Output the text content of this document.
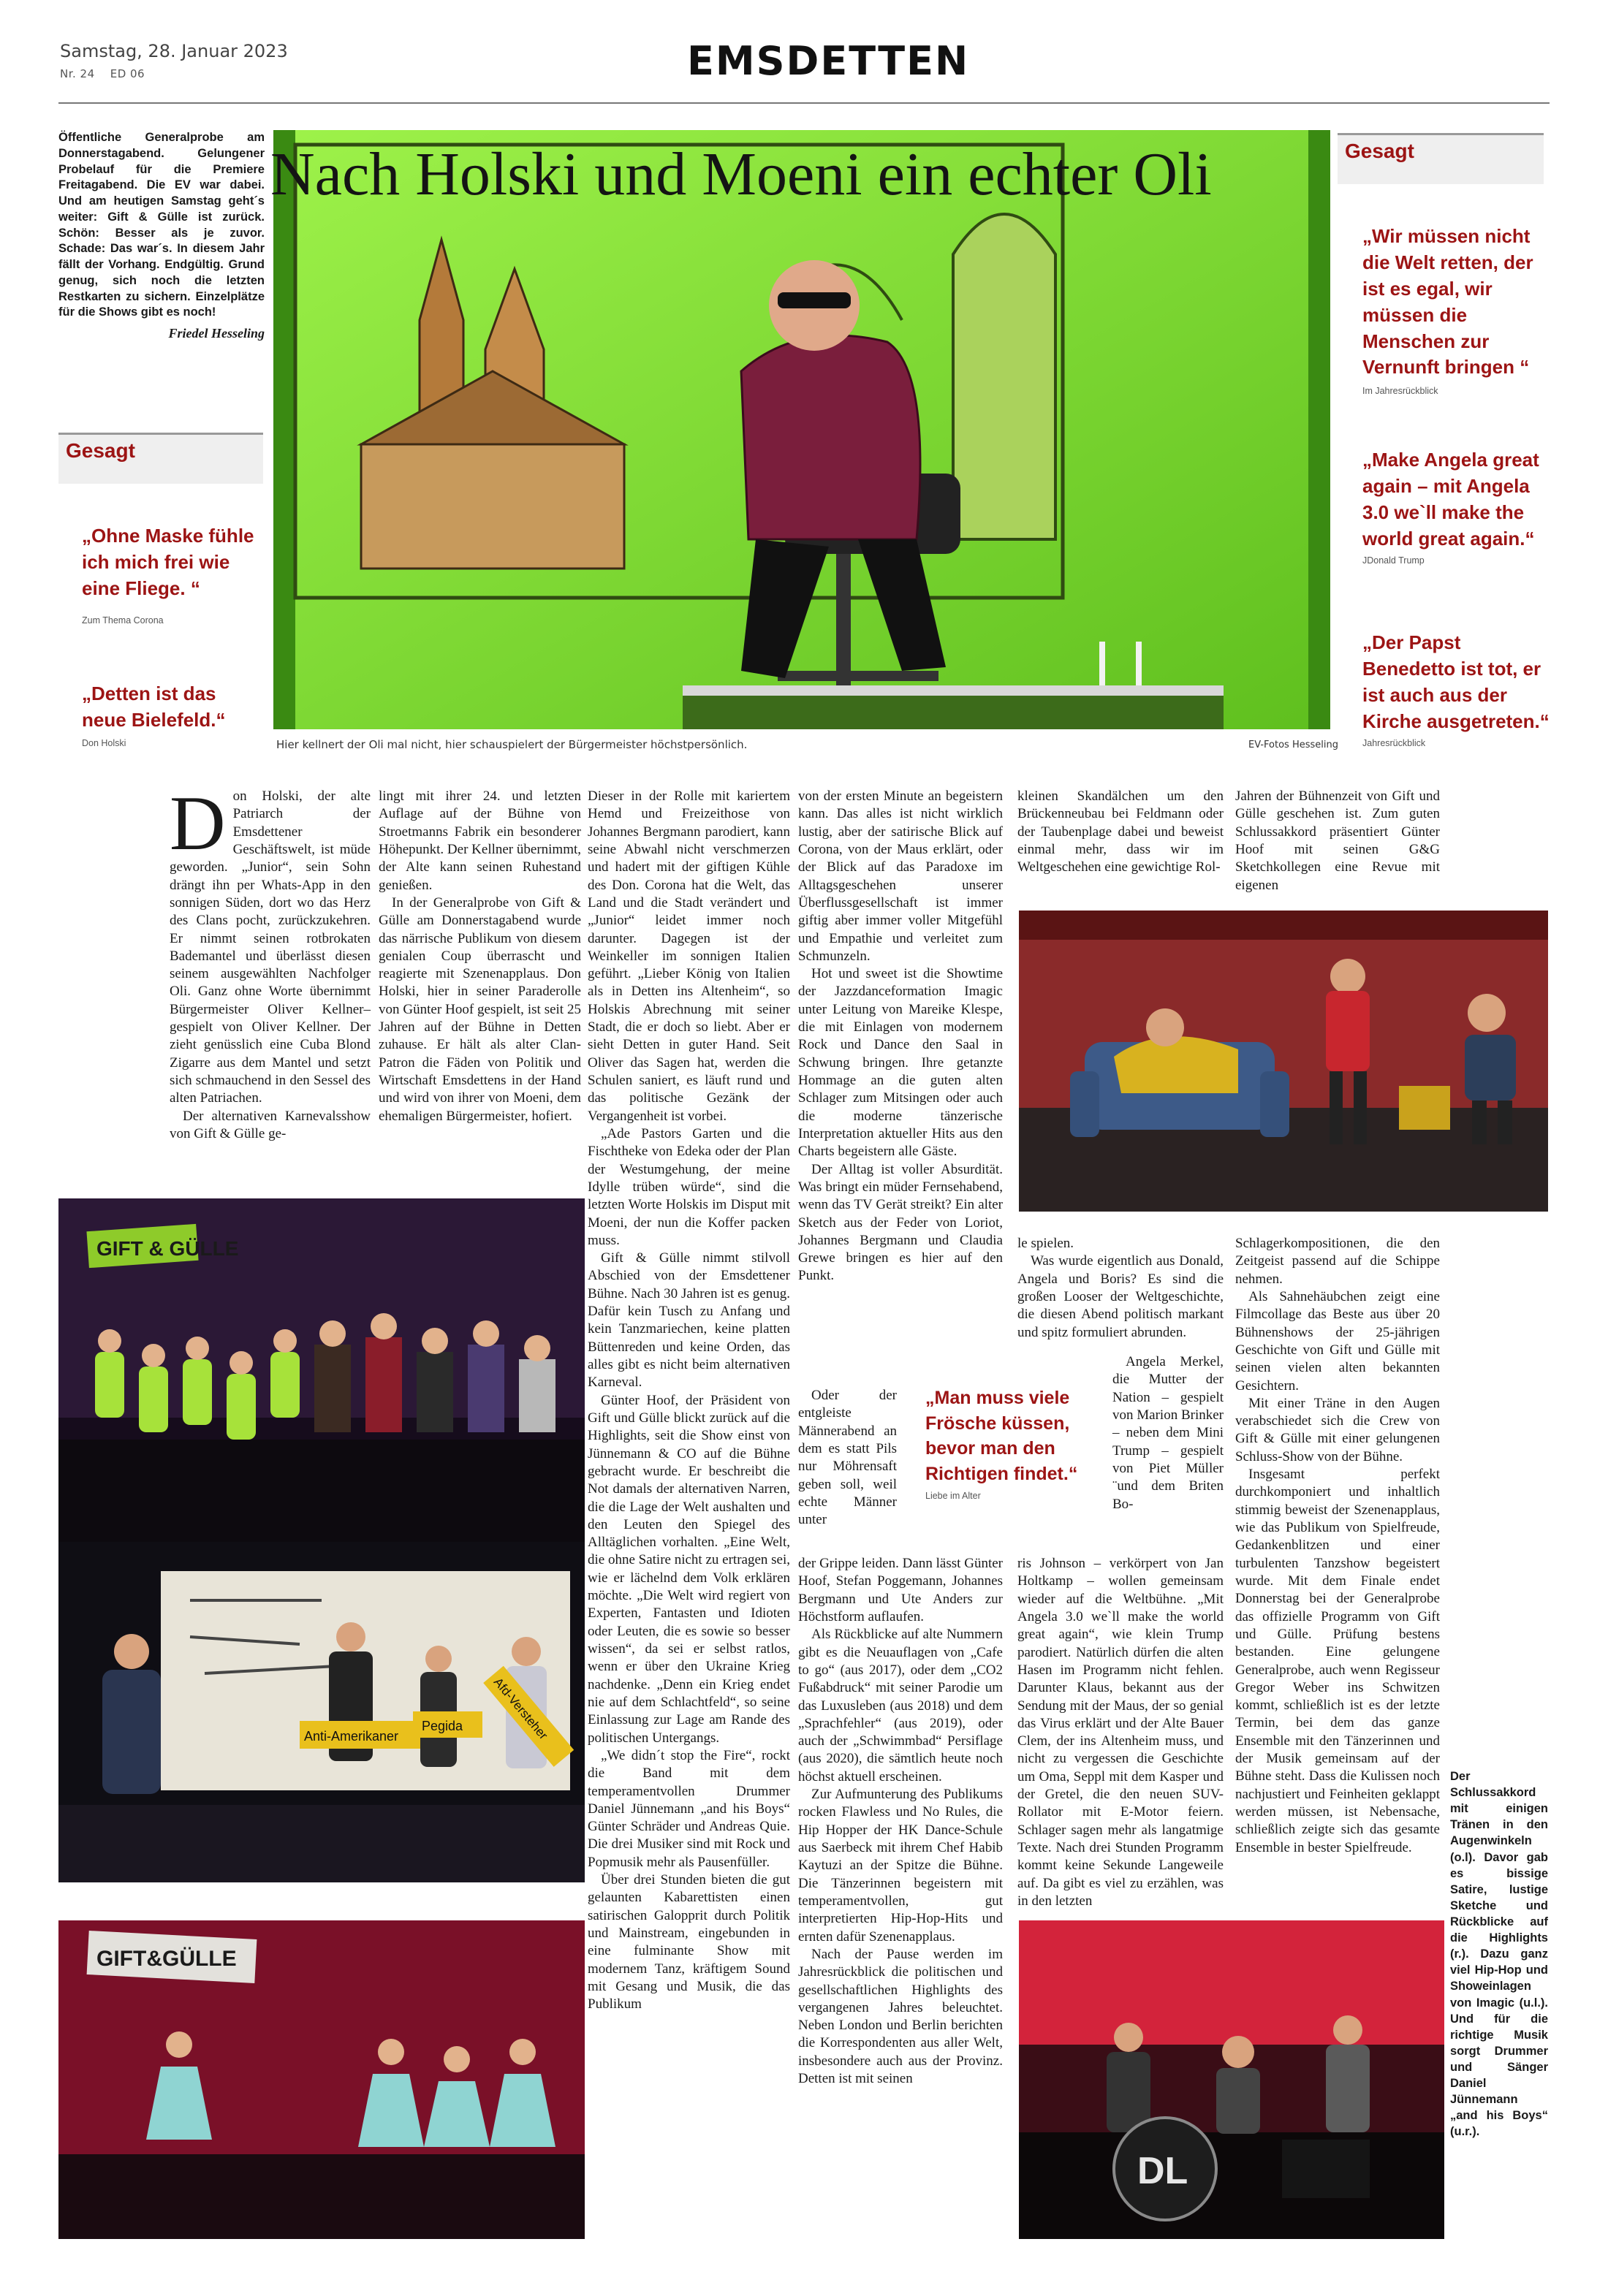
Samstag, 28. Januar 2023
Nr. 24 ED 06	EMSDETTEN
Öffentliche Generalprobe am Donnerstagabend. Gelungener Probelauf für die Premiere Freitagabend. Die EV war dabei. Und am heutigen Samstag geht´s weiter: Gift & Gülle ist zurück. Schön: Besser als je zuvor. Schade: Das war´s. In diesem Jahr fällt der Vorhang. Endgültig. Grund genug, sich noch die letzten Restkarten zu sichern. Einzelplätze für die Shows gibt es noch!
Friedel Hesseling
Gesagt
„Ohne Maske fühle ich mich frei wie eine Fliege. “
Zum Thema Corona
„Detten ist das neue Bielefeld.“
Don Holski
Nach Holski und Moeni ein echter Oli
Hier kellnert der Oli mal nicht, hier schauspielert der Bürgermeister höchstpersönlich.	EV-Fotos Hesseling
Gesagt
„Wir müssen nicht die Welt retten, der ist es egal, wir müssen die Menschen zur Vernunft bringen “
Im Jahresrückblick
„Make Angela great again – mit Angela 3.0 we`ll make the world great again.“
JDonald Trump
„Der Papst Benedetto ist tot, er ist auch aus der Kirche ausgetreten.“
Jahresrückblick
D on Holski, der alte Patriarch der Emsdettener Geschäftswelt, ist müde geworden. „Junior“, sein Sohn drängt ihn per Whats-App in den sonnigen Süden, dort wo das Herz des Clans pocht, zurückzukehren. Er nimmt seinen rotbrokaten Bademantel und überlässt diesen seinem ausgewählten Nachfolger Oli. Ganz ohne Worte übernimmt Bürgermeister Oliver Kellner– gespielt von Oliver Kellner. Der zieht genüsslich eine Cuba Blond Zigarre aus dem Mantel und setzt sich schmauchend in den Sessel des alten Patriachen.

Der alternativen Karnevalsshow von Gift & Gülle ge-

lingt mit ihrer 24. und letzten Auflage auf der Bühne von Stroetmanns Fabrik ein besonderer Höhepunkt. Der Kellner übernimmt, der Alte kann seinen Ruhestand genießen.

In der Generalprobe von Gift & Gülle am Donnerstagabend wurde das närrische Publikum von diesem genialen Coup überrascht und reagierte mit Szenenapplaus. Don Holski, hier in seiner Paraderolle von Günter Hoof gespielt, ist seit 25 Jahren auf der Bühne in Detten zuhause. Er hält als alter Clan-Patron die Fäden von Politik und Wirtschaft Emsdettens in der Hand und wird von ihrer von Moeni, dem ehemaligen Bürgermeister, hofiert.

Dieser in der Rolle mit kariertem Hemd und Freizeithose von Johannes Bergmann parodiert, kann seine Abwahl nicht verschmerzen und hadert mit der giftigen Kühle des Don. Corona hat die Welt, das Land und die Stadt verändert und „Junior“ leidet immer noch darunter. Dagegen ist der Weinkeller im sonnigen Italien geführt. „Lieber König von Italien als in Detten ins Altenheim“, so Holskis Abrechnung mit seiner Stadt, die er doch so liebt. Aber er sieht Detten in guter Hand. Seit Oliver das Sagen hat, werden die Schulen saniert, es läuft rund und das politische Gezänk der Vergangenheit ist vorbei.

„Ade Pastors Garten und die Fischtheke von Edeka oder der Plan der Westumgehung, der meine Idylle trüben würde“, sind die letzten Worte Holskis im Disput mit Moeni, der nun die Koffer packen muss.

Gift & Gülle nimmt stilvoll Abschied von der Emsdettener Bühne. Nach 30 Jahren ist es genug. Dafür kein Tusch zu Anfang und kein Tanzmariechen, keine platten Büttenreden und keine Orden, das alles gibt es nicht beim alternativen Karneval.

Günter Hoof, der Präsident von Gift und Gülle blickt zurück auf die Highlights, seit die Show einst von Jünnemann & CO auf die Bühne gebracht wurde. Er beschreibt die Not damals der alternativen Narren, die die Lage der Welt aushalten und den Leuten den Spiegel des Alltäglichen vorhalten. „Eine Welt, die ohne Satire nicht zu ertragen sei, wie er lächelnd dem Volk erklären möchte. „Die Welt wird regiert von Experten, Fantasten und Idioten oder Leuten, die es sowie so besser wissen“, da sei er selbst ratlos, wenn er über den Ukraine Krieg nachdenke. „Denn ein Krieg endet nie auf dem Schlachtfeld“, so seine Einlassung zur Lage am Rande des politischen Untergangs.

„We didn´t stop the Fire“, rockt die Band mit dem temperamentvollen Drummer Daniel Jünnemann „and his Boys“ Günter Schräder und Andreas Quie. Die drei Musiker sind mit Rock und Popmusik mehr als Pausenfüller.

Über drei Stunden bieten die gut gelaunten Kabarettisten einen satirischen Galopprit durch Politik und Mainstream, eingebunden in eine fulminante Show mit modernem Tanz, kräftigem Sound mit Gesang und Musik, die das Publikum

von der ersten Minute an begeistern kann. Das alles ist nicht wirklich lustig, aber der satirische Blick auf Corona, von der Maus erklärt, oder der Blick auf das Paradoxe im Alltagsgeschehen unserer Überflussgesellschaft ist immer giftig aber immer voller Mitgefühl und Empathie und verleitet zum Schmunzeln.

Hot und sweet ist die Showtime der Jazzdanceformation Imagic unter Leitung von Mareike Klespe, die mit Einlagen von modernem Rock und Dance den Saal in Schwung bringen. Ihre getanzte Hommage an die guten alten Schlager zum Mitsingen oder auch die moderne tänzerische Interpretation aktueller Hits aus den Charts begeistern alle Gäste.

Der Alltag ist voller Absurdität. Was bringt ein müder Fernsehabend, wenn das TV Gerät streikt? Ein alter Sketch aus der Feder von Loriot, Johannes Bergmann und Claudia Grewe bringen es hier auf den Punkt.

Oder der entgleiste Männerabend an dem es statt Pils nur Möhrensaft geben soll, weil echte Männer unter

der Grippe leiden. Dann lässt Günter Hoof, Stefan Poggemann, Johannes Bergmann und Ute Anders zur Höchstform auflaufen.

Als Rückblicke auf alte Nummern gibt es die Neuauflagen von „Cafe to go“ (aus 2017), oder dem „CO2 Fußabdruck“ mit seiner Parodie um das Luxusleben (aus 2018) und dem „Sprachfehler“ (aus 2019), oder auch der „Schwimmbad“ Persiflage (aus 2020), die sämtlich heute noch höchst aktuell erscheinen.

Zur Aufmunterung des Publikums rocken Flawless und No Rules, die Hip Hopper der HK Dance-Schule aus Saerbeck mit ihrem Chef Habib Kaytuzi an der Spitze die Bühne. Die Tänzerinnen begeistern mit temperamentvollen, gut interpretierten Hip-Hop-Hits und ernten dafür Szenenapplaus.

Nach der Pause werden im Jahresrückblick die politischen und gesellschaftlichen Highlights des vergangenen Jahres beleuchtet. Neben London und Berlin berichten die Korrespondenten aus aller Welt, insbesondere auch aus der Provinz. Detten ist mit seinen

„Man muss viele Frösche küssen, bevor man den Richtigen findet.“
Liebe im Alter

kleinen Skandälchen um den Brückenneubau bei Feldmann oder der Taubenplage dabei und beweist einmal mehr, dass wir im Weltgeschehen eine gewichtige Rol-

le spielen.

Was wurde eigentlich aus Donald, Angela und Boris? Es sind die großen Looser der Weltgeschichte, die diesen Abend politisch markant und spitz formuliert abrunden.

Angela Merkel, die Mutter der Nation – gespielt von Marion Brinker – neben dem Mini Trump – gespielt von Piet Müller ¨und dem Briten Bo-

ris Johnson – verkörpert von Jan Holtkamp – wollen gemeinsam wieder auf die Weltbühne. „Mit Angela 3.0 we`ll make the world great again“, wie klein Trump parodiert. Natürlich dürfen die alten Hasen im Programm nicht fehlen. Darunter Klaus, bekannt aus der Sendung mit der Maus, der so genial das Virus erklärt und der Alte Bauer Clem, der ins Altenheim muss, und nicht zu vergessen die Geschichte um Oma, Seppl mit dem Kasper und der Gretel, die den neuen SUV-Rollator mit E-Motor feiern. Schlager sagen mehr als langatmige Texte. Nach drei Stunden Programm kommt keine Sekunde Langeweile auf. Da gibt es viel zu erzählen, was in den letzten

Jahren der Bühnenzeit von Gift und Gülle geschehen ist. Zum guten Schlussakkord präsentiert Günter Hoof mit seinen G&G Sketchkollegen eine Revue mit eigenen

Schlagerkompositionen, die den Zeitgeist passend auf die Schippe nehmen.

Als Sahnehäubchen zeigt eine Filmcollage das Beste aus über 20 Bühnenshows der 25-jährigen Geschichte von Gift und Gülle mit seinen vielen alten bekannten Gesichtern.

Mit einer Träne in den Augen verabschiedet sich die Crew von Gift & Gülle mit einer gelungenen Schluss-Show von der Bühne.

Insgesamt perfekt durchkomponiert und inhaltlich stimmig beweist der Szenenapplaus, wie das Publikum von Spielfreude, Gedankenblitzen und einer turbulenten Tanzshow begeistert wurde. Mit dem Finale endet Donnerstag bei der Generalprobe das offizielle Programm von Gift und Gülle. Prüfung bestens bestanden. Eine gelungene Generalprobe, auch wenn Regisseur Gregor Weber ins Schwitzen kommt, schließlich ist es der letzte Termin, bei dem das ganze Ensemble mit den Tänzerinnen und der Musik gemeinsam auf der Bühne steht. Dass die Kulissen noch nachjustiert und Feinheiten geklappt werden müssen, ist Nebensache, schließlich zeigte sich das gesamte Ensemble in bester Spielfreude.

Der Schlussakkord mit einigen Tränen in den Augenwinkeln (o.l). Davor gab es bissige Satire, lustige Sketche und Rückblicke auf die Highlights (r.). Dazu ganz viel Hip-Hop und Showeinlagen von Imagic (u.l.). Und für die richtige Musik sorgt Drummer und Sänger Daniel Jünnemann „and his Boys“ (u.r.).
GIFT & GÜLLE
Anti-Amerikaner
Pegida Afd-Versteher
GIFT&GÜLLE
DL
